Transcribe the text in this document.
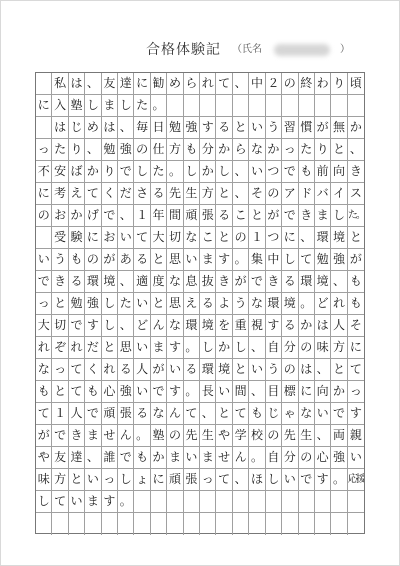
合格体験記 （氏名	）
私 は 、 友 達 に 勧 め ら れ て 、 中 ２ の 終 わ り 頃
に 入 塾 し ま し た 。
は じ め は 、 毎 日 勉 強 す る と い う 習 慣 が 無 か
っ た り 、 勉 強 の 仕 方 も 分 か ら な か っ た り と 、
不 安 ば か り で し た 。 し か し 、 い つ で も 前 向 き
に 考 え て く だ さ る 先 生 方 と 、 そ の ア ド バ イ ス
の お か げ で 、 １ 年 間 頑 張 る こ と が で き ま し た。
受 験 に お い て 大 切 な こ と の １ つ に 、 環 境 と
い う も の が あ る と 思 い ま す 。 集 中 し て 勉 強 が
で き る 環 境 、 適 度 な 息 抜 き が で き る 環 境 、 も
っ と 勉 強 し た い と 思 え る よ う な 環 境 。 ど れ も
大 切 で す し 、 ど ん な 環 境 を 重 視 す る か は 人 そ
れ ぞ れ だ と 思 い ま す 。 し か し 、 自 分 の 味 方 に
な っ て く れ る 人 が い る 環 境 と い う の は 、 と て
も と て も 心 強 い で す 。 長 い 間 、 目 標 に 向 か っ
て １ 人 で 頑 張 る な ん て 、 と て も じ ゃ な い で す
が で き ま せ ん 。 塾 の 先 生 や 学 校 の 先 生 、 両 親
や 友 達 、 誰 で も か ま い ま せ ん 。 自 分 の 心 強 い
味 方 と い っ し ょ に 頑 張 っ て 、 ほ し い で す 。 応援
し て い ま す 。
